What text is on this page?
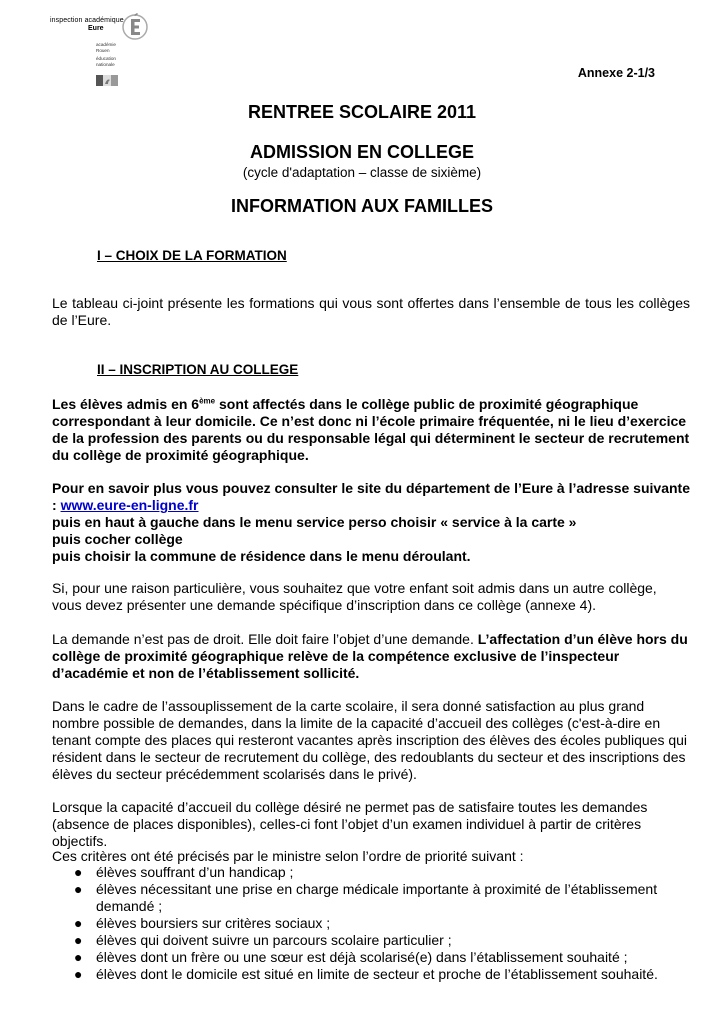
inspection académique
Eure
académie
Rouen
éducation
nationale
Annexe 2-1/3
RENTREE SCOLAIRE 2011
ADMISSION EN COLLEGE
(cycle d'adaptation – classe de sixième)
INFORMATION AUX FAMILLES
I – CHOIX DE LA FORMATION
Le tableau ci-joint présente les formations qui vous sont offertes dans l’ensemble de tous les collèges de l’Eure.
II – INSCRIPTION AU COLLEGE
Les élèves admis en 6ème sont affectés dans le collège public de proximité géographique correspondant à leur domicile. Ce n’est donc ni l’école primaire fréquentée, ni le lieu d’exercice de la profession des parents ou du responsable légal qui déterminent le secteur de recrutement du collège de proximité géographique.
Pour en savoir plus vous pouvez consulter le site du département de l’Eure à l’adresse suivante : www.eure-en-ligne.fr
puis en haut à gauche dans le menu service perso choisir « service à la carte »
puis cocher collège
puis choisir la commune de résidence dans le menu déroulant.
Si, pour une raison particulière, vous souhaitez que votre enfant soit admis dans un autre collège, vous devez présenter une demande spécifique d’inscription dans ce collège (annexe 4).
La demande n’est pas de droit. Elle doit faire l’objet d’une demande. L’affectation d’un élève hors du collège de proximité géographique relève de la compétence exclusive de l’inspecteur d’académie et non de l’établissement sollicité.
Dans le cadre de l’assouplissement de la carte scolaire, il sera donné satisfaction au plus grand nombre possible de demandes, dans la limite de la capacité d’accueil des collèges (c'est-à-dire en tenant compte des places qui resteront vacantes après inscription des élèves des écoles publiques qui résident dans le secteur de recrutement du collège, des redoublants du secteur et des inscriptions des élèves du secteur précédemment scolarisés dans le privé).
Lorsque la capacité d’accueil du collège désiré ne permet pas de satisfaire toutes les demandes (absence de places disponibles), celles-ci font l’objet d’un examen individuel à partir de critères objectifs.
Ces critères ont été précisés par le ministre selon l’ordre de priorité suivant :
● élèves souffrant d’un handicap ;
● élèves nécessitant une prise en charge médicale importante à proximité de l’établissement demandé ;
● élèves boursiers sur critères sociaux ;
● élèves qui doivent suivre un parcours scolaire particulier ;
● élèves dont un frère ou une sœur est déjà scolarisé(e) dans l’établissement souhaité ;
● élèves dont le domicile est situé en limite de secteur et proche de l’établissement souhaité.
